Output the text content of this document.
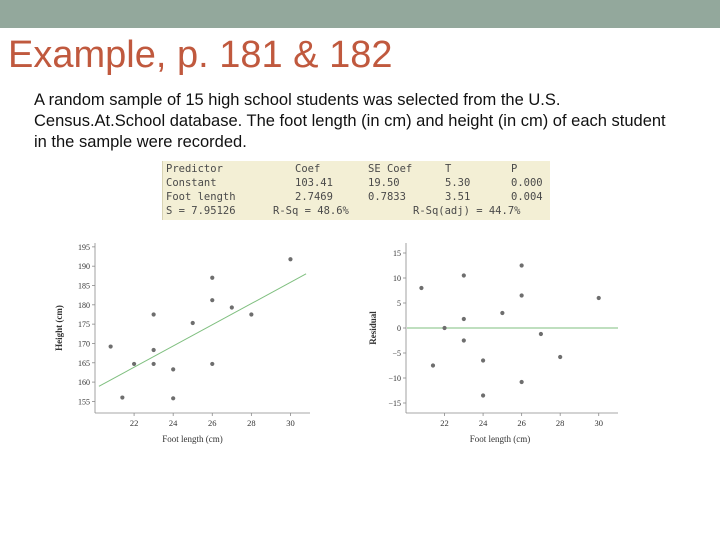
Example, p. 181 & 182
A random sample of 15 high school students was selected from the U.S. Census.At.School database. The foot length (in cm) and height (in cm) of each student in the sample were recorded.
Predictor	Coef	SE Coef	T	P
Constant	103.41	19.50	5.30	0.000
Foot length	2.7469	0.7833	3.51	0.004
S = 7.95126	R-Sq = 48.6%	R-Sq(adj) = 44.7%
155
160
165
170
175
180
185
190
195
22	24	26	28	30
Foot length (cm)
Height (cm)
15
10
5
0
−5
−10
−15
22	24	26	28	30
Foot length (cm)
Residual
